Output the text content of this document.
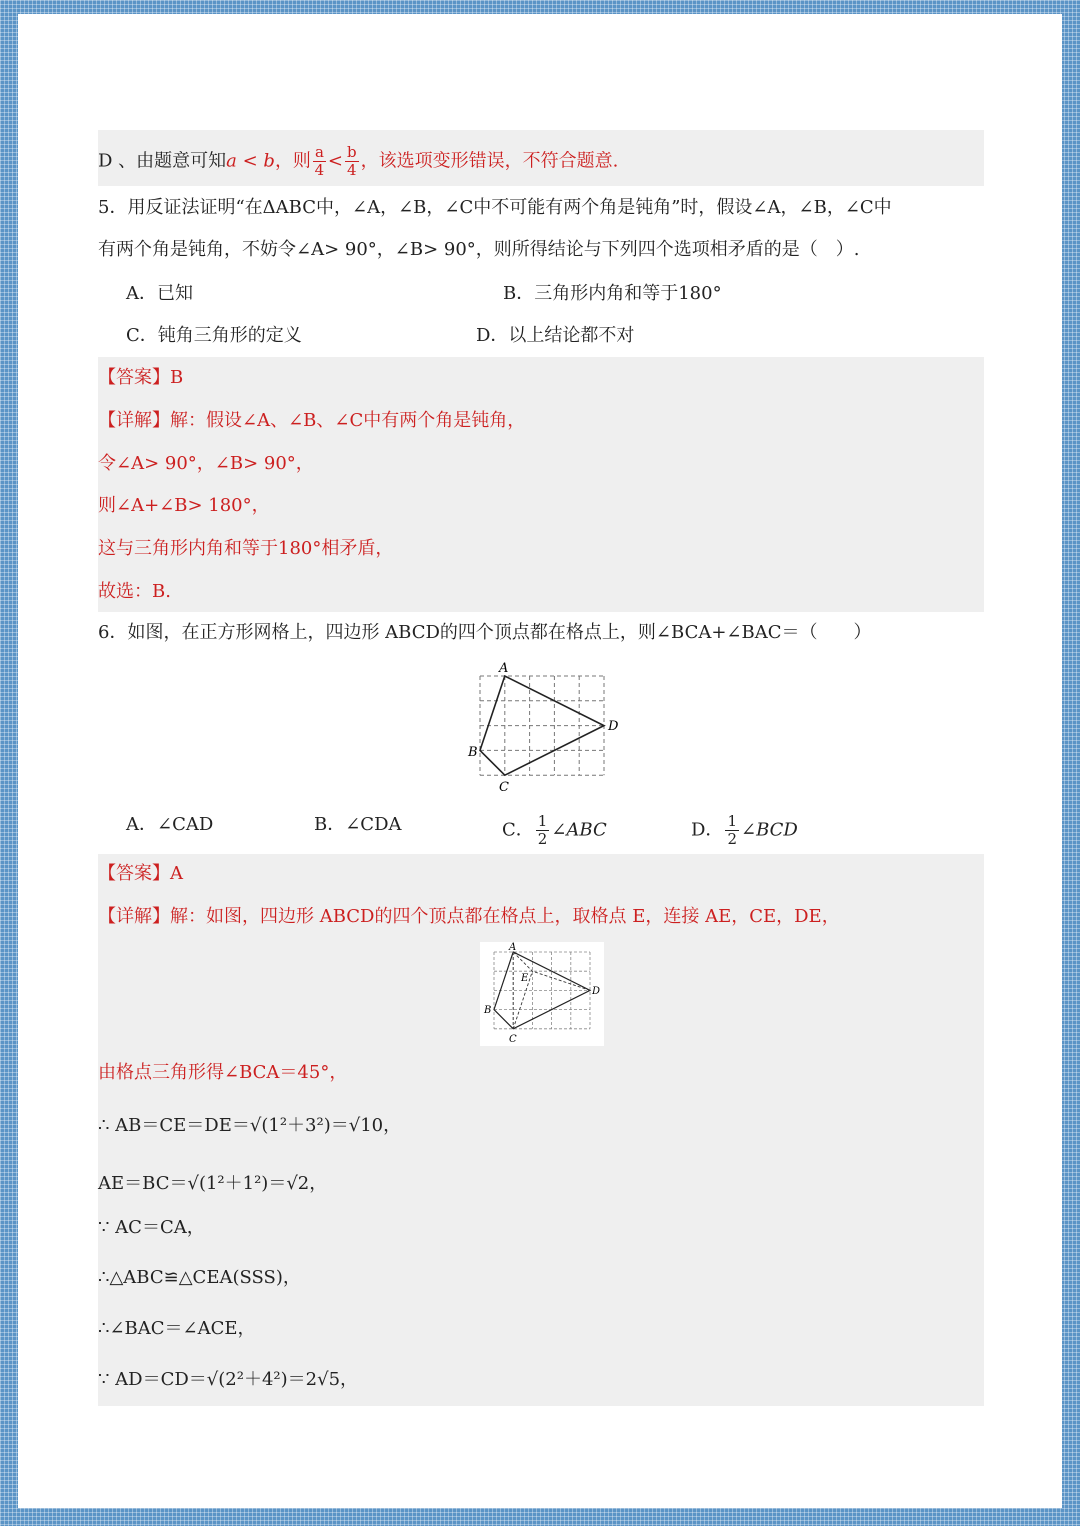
D 、由题意可知a < b，则 $\frac{a}{4} < \frac{b}{4}$ ，该选项变形错误，不符合题意.
5．用反证法证明“在ΔABC中，∠A，∠B，∠C中不可能有两个角是钝角”时，假设∠A，∠B，∠C中
有两个角是钝角，不妨令∠A> 90°，∠B> 90°，则所得结论与下列四个选项相矛盾的是（　）.
A．已知	B．三角形内角和等于180°
C．钝角三角形的定义	D．以上结论都不对
【答案】B
【详解】解：假设∠A、∠B、∠C中有两个角是钝角，
令∠A> 90°，∠B> 90°，
则∠A+∠B> 180°，
这与三角形内角和等于180°相矛盾，
故选：B.
6．如图，在正方形网格上，四边形 ABCD的四个顶点都在格点上，则∠BCA+∠BAC＝（　　）
A
B
C
D
A．∠CAD	B．∠CDA	C． $\frac{1}{2}$ ∠ABC	D． $\frac{1}{2}$ ∠BCD
【答案】A
【详解】解：如图，四边形 ABCD的四个顶点都在格点上，取格点 E，连接 AE，CE，DE，
A
B
C
D
E
由格点三角形得∠BCA＝45°，
∴ AB＝CE＝DE＝√(1²＋3²)＝√10，
AE＝BC＝√(1²＋1²)＝√2，
∵ AC＝CA，
∴△ABC≌△CEA(SSS)，
∴∠BAC＝∠ACE，
∵ AD＝CD＝√(2²＋4²)＝2√5，
